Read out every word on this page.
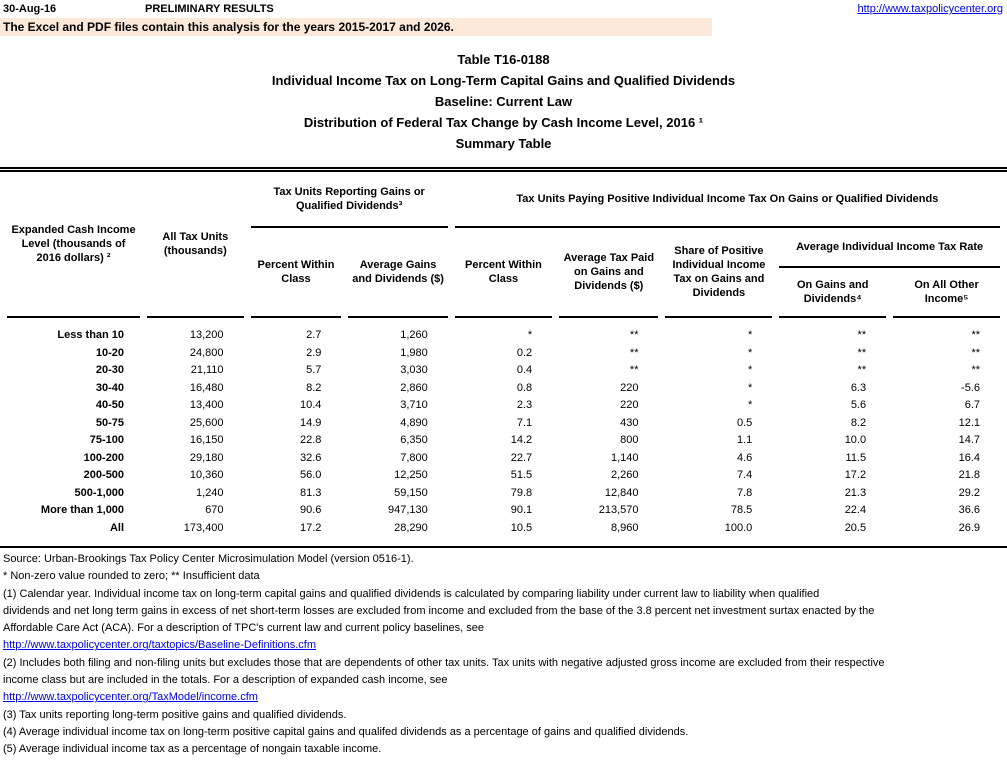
30-Aug-16	PRELIMINARY RESULTS	http://www.taxpolicycenter.org
The Excel and PDF files contain this analysis for the years 2015-2017 and 2026.
Table T16-0188
Individual Income Tax on Long-Term Capital Gains and Qualified Dividends
Baseline: Current Law
Distribution of Federal Tax Change by Cash Income Level, 2016 ¹
Summary Table
Expanded Cash Income Level (thousands of 2016 dollars) ²	All Tax Units (thousands)	Tax Units Reporting Gains or Qualified Dividends³		Tax Units Paying Positive Individual Income Tax On Gains or Qualified Dividends				
		Percent Within Class	Average Gains and Dividends ($)	Percent Within Class	Average Tax Paid on Gains and Dividends ($)	Share of Positive Individual Income Tax on Gains and Dividends	Average Individual Income Tax Rate	
							On Gains and Dividends⁴	On All Other Income⁵
Less than 10	13,200	2.7	1,260	*	**	*	**	**
10-20	24,800	2.9	1,980	0.2	**	*	**	**
20-30	21,110	5.7	3,030	0.4	**	*	**	**
30-40	16,480	8.2	2,860	0.8	220	*	6.3	-5.6
40-50	13,400	10.4	3,710	2.3	220	*	5.6	6.7
50-75	25,600	14.9	4,890	7.1	430	0.5	8.2	12.1
75-100	16,150	22.8	6,350	14.2	800	1.1	10.0	14.7
100-200	29,180	32.6	7,800	22.7	1,140	4.6	11.5	16.4
200-500	10,360	56.0	12,250	51.5	2,260	7.4	17.2	21.8
500-1,000	1,240	81.3	59,150	79.8	12,840	7.8	21.3	29.2
More than 1,000	670	90.6	947,130	90.1	213,570	78.5	22.4	36.6
All	173,400	17.2	28,290	10.5	8,960	100.0	20.5	26.9
Source: Urban-Brookings Tax Policy Center Microsimulation Model (version 0516-1).
* Non-zero value rounded to zero; ** Insufficient data
(1) Calendar year. Individual income tax on long-term capital gains and qualified dividends is calculated by comparing liability under current law to liability when qualified
dividends and net long term gains in excess of net short-term losses are excluded from income and excluded from the base of the 3.8 percent net investment surtax enacted by the
Affordable Care Act (ACA). For a description of TPC's current law and current policy baselines, see
http://www.taxpolicycenter.org/taxtopics/Baseline-Definitions.cfm
(2) Includes both filing and non-filing units but excludes those that are dependents of other tax units. Tax units with negative adjusted gross income are excluded from their respective
income class but are included in the totals. For a description of expanded cash income, see
http://www.taxpolicycenter.org/TaxModel/income.cfm
(3) Tax units reporting long-term positive gains and qualified dividends.
(4) Average individual income tax on long-term positive capital gains and qualifed dividends as a percentage of gains and qualified dividends.
(5) Average individual income tax as a percentage of nongain taxable income.
